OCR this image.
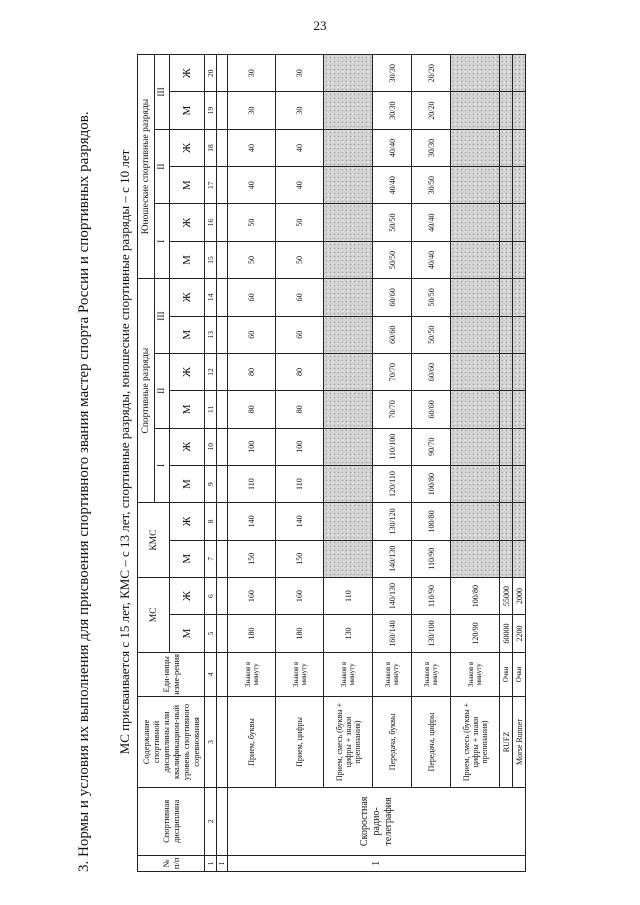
23
3. Нормы и условия их выполнения для присвоения спортивного звания мастер спорта России и спортивных разрядов.	МС присваивается с 15 лет, КМС – с 13 лет, спортивные разряды, юношеские спортивные разряды – с 10 лет
№ п/п	Спортивная дисциплина	Содержание спортивной дисциплины или квалификацион-ный уровень спортивного соревнования	Еди-ницы изме-рения	МС		КМС		Спортивные разряды						Юношеские спортивные разряды					
								I		II		III		I		II		III	

				М	Ж	М	Ж	М	Ж	М	Ж	М	Ж	М	Ж	М	Ж	М	Ж
1	2	3	4	5	6	7	8	9	10	11	12	13	14	15	16	17	18	19	20
1																			
1	Скоростная радио-телеграфия	Прием, буквы	Знаков в минуту	180	160	150	140	110	100	80	80	60	60	50	50	40	40	30	30
		Прием, цифры	Знаков в минуту	180	160	150	140	110	100	80	80	60	60	50	50	40	40	30	30
		Прием, смесь (буквы + цифры + знаки препинания)	Знаков в минуту	130	110														
		Передача, буквы	Знаков в минуту	160/140	140/130	140/130	130/120	120/110	110/100	70/70	70/70	60/60	60/60	50/50	50/50	40/40	40/40	30/30	30/30
		Передача, цифры	Знаков в минуту	130/100	110/90	110/90	100/80	100/80	90/70	60/60	60/60	50/50	50/50	40/40	40/40	30/50	30/30	20/20	20/20
		Прием, смесь (буквы + цифры + знаки препинания)	Знаков в минуту	120/90	100/80														
		RUFZ	Очки	60000	55000														
		Morse Runner	Очки	2200	2000														
